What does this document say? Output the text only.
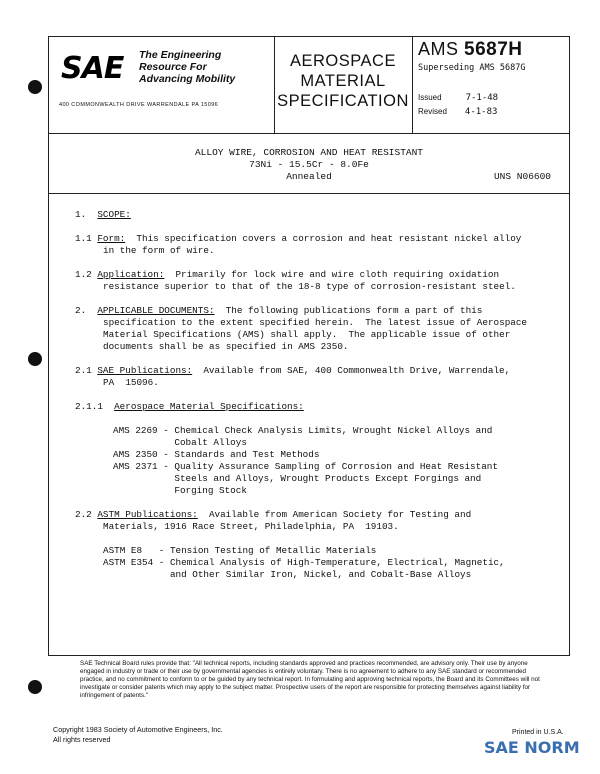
SAE The Engineering
Resource For
Advancing Mobility
400 COMMONWEALTH DRIVE WARRENDALE PA 15096
AEROSPACE
MATERIAL
SPECIFICATION
AMS 5687H
Superseding AMS 5687G
Issued	7-1-48
Revised 4-1-83
ALLOY WIRE, CORROSION AND HEAT RESISTANT
73Ni - 15.5Cr - 8.0Fe
Annealed	UNS N06600
1. SCOPE:
1.1 Form:  This specification covers a corrosion and heat resistant nickel alloy
in the form of wire.
1.2 Application:  Primarily for lock wire and wire cloth requiring oxidation
resistance superior to that of the 18-8 type of corrosion-resistant steel.
2. APPLICABLE DOCUMENTS:  The following publications form a part of this
specification to the extent specified herein.  The latest issue of Aerospace
Material Specifications (AMS) shall apply.  The applicable issue of other
documents shall be as specified in AMS 2350.
2.1 SAE Publications:  Available from SAE, 400 Commonwealth Drive, Warrendale,
PA  15096.
2.1.1 Aerospace Material Specifications:
AMS 2269 - Chemical Check Analysis Limits, Wrought Nickel Alloys and
Cobalt Alloys
AMS 2350 - Standards and Test Methods
AMS 2371 - Quality Assurance Sampling of Corrosion and Heat Resistant
Steels and Alloys, Wrought Products Except Forgings and
Forging Stock
2.2 ASTM Publications:  Available from American Society for Testing and
Materials, 1916 Race Street, Philadelphia, PA  19103.
ASTM E8   - Tension Testing of Metallic Materials
ASTM E354 - Chemical Analysis of High-Temperature, Electrical, Magnetic,
and Other Similar Iron, Nickel, and Cobalt-Base Alloys
SAE Technical Board rules provide that: "All technical reports, including standards approved and practices recommended, are advisory only. Their use by anyone engaged in industry or trade or their use by governmental agencies is entirely voluntary. There is no agreement to adhere to any SAE standard or recommended practice, and no commitment to conform to or be guided by any technical report. In formulating and approving technical reports, the Board and its Committees will not investigate or consider patents which may apply to the subject matter. Prospective users of the report are responsible for protecting themselves against liability for infringement of patents."
Copyright 1983 Society of Automotive Engineers, Inc.
All rights reserved
Printed in U.S.A.
SAE NORM
